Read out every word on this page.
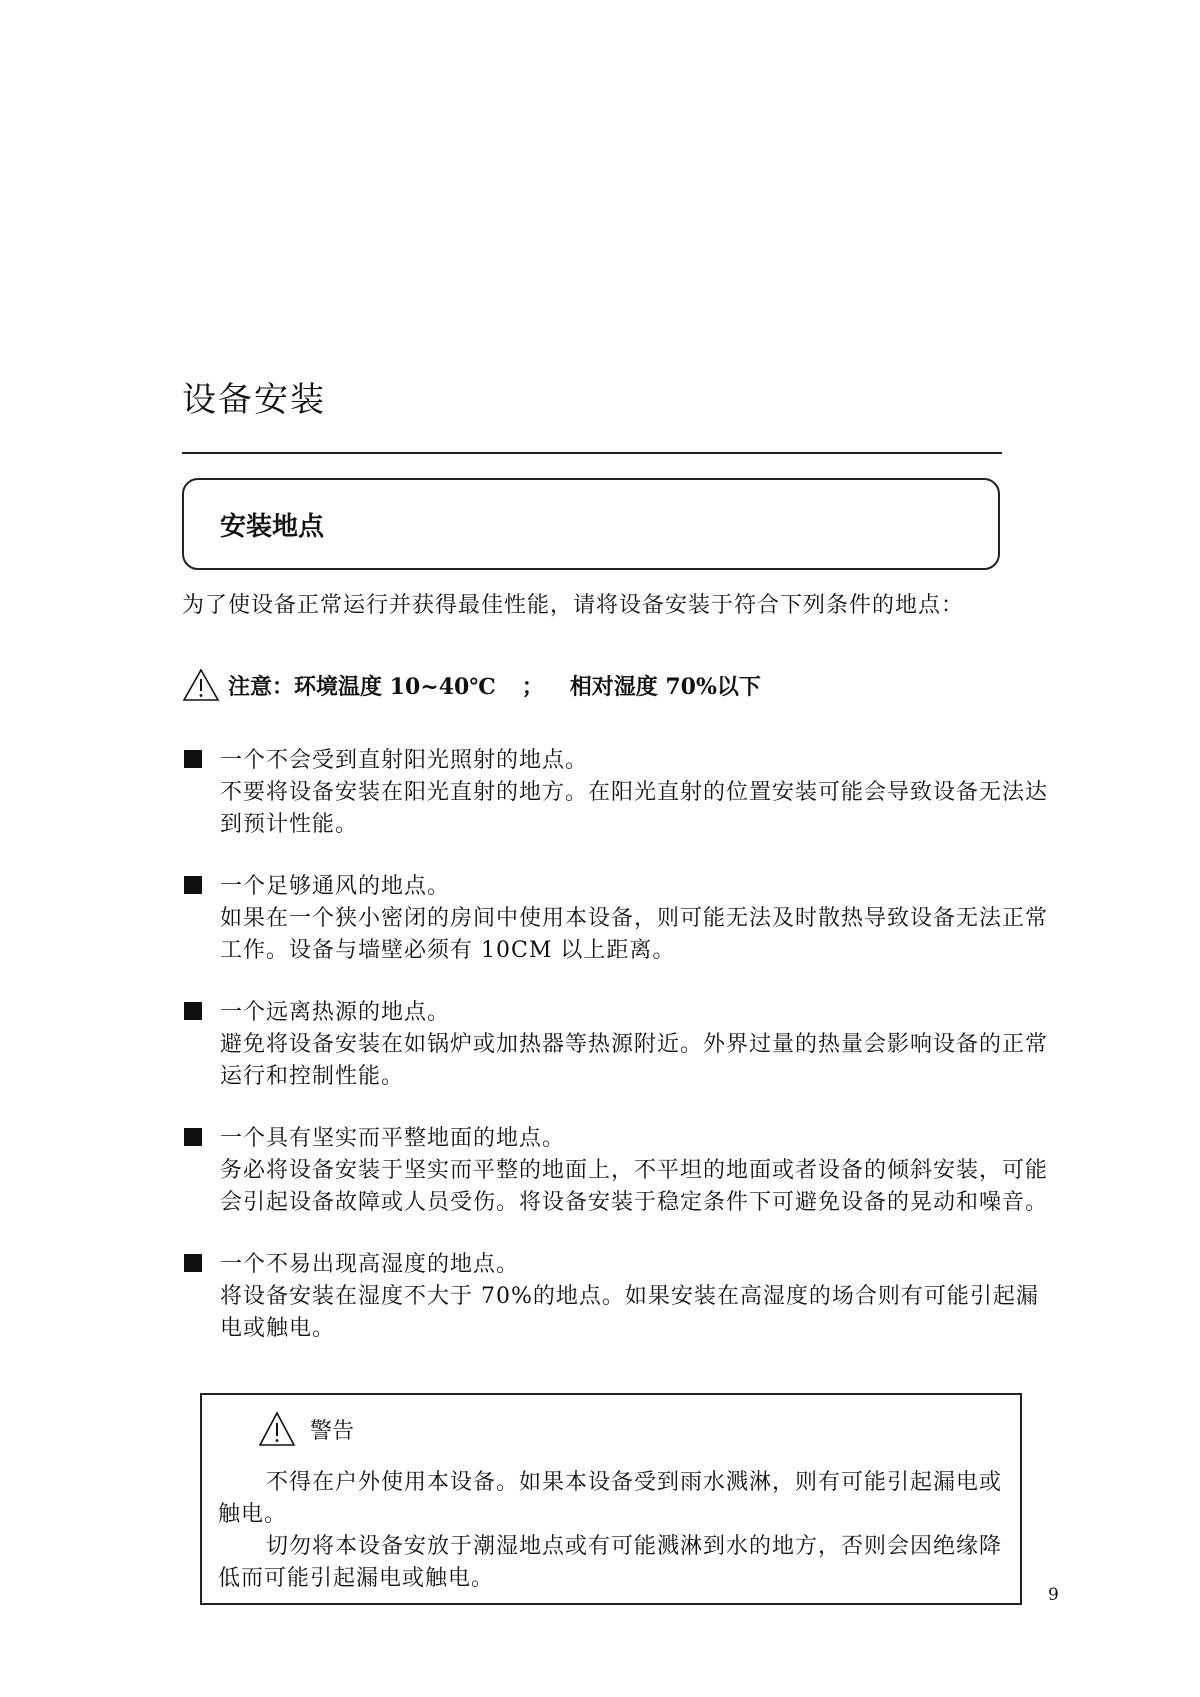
设备安装
安装地点
为了使设备正常运行并获得最佳性能，请将设备安装于符合下列条件的地点：
注意：环境温度 10~40℃ ； 相对湿度 70%以下
一个不会受到直射阳光照射的地点。
不要将设备安装在阳光直射的地方。在阳光直射的位置安装可能会导致设备无法达到预计性能。
一个足够通风的地点。
如果在一个狭小密闭的房间中使用本设备，则可能无法及时散热导致设备无法正常工作。设备与墙壁必须有 10CM 以上距离。
一个远离热源的地点。
避免将设备安装在如锅炉或加热器等热源附近。外界过量的热量会影响设备的正常运行和控制性能。
一个具有坚实而平整地面的地点。
务必将设备安装于坚实而平整的地面上，不平坦的地面或者设备的倾斜安装，可能会引起设备故障或人员受伤。将设备安装于稳定条件下可避免设备的晃动和噪音。
一个不易出现高湿度的地点。
将设备安装在湿度不大于 70%的地点。如果安装在高湿度的场合则有可能引起漏电或触电。
警告

不得在户外使用本设备。如果本设备受到雨水溅淋，则有可能引起漏电或触电。

切勿将本设备安放于潮湿地点或有可能溅淋到水的地方，否则会因绝缘降低而可能引起漏电或触电。

9
